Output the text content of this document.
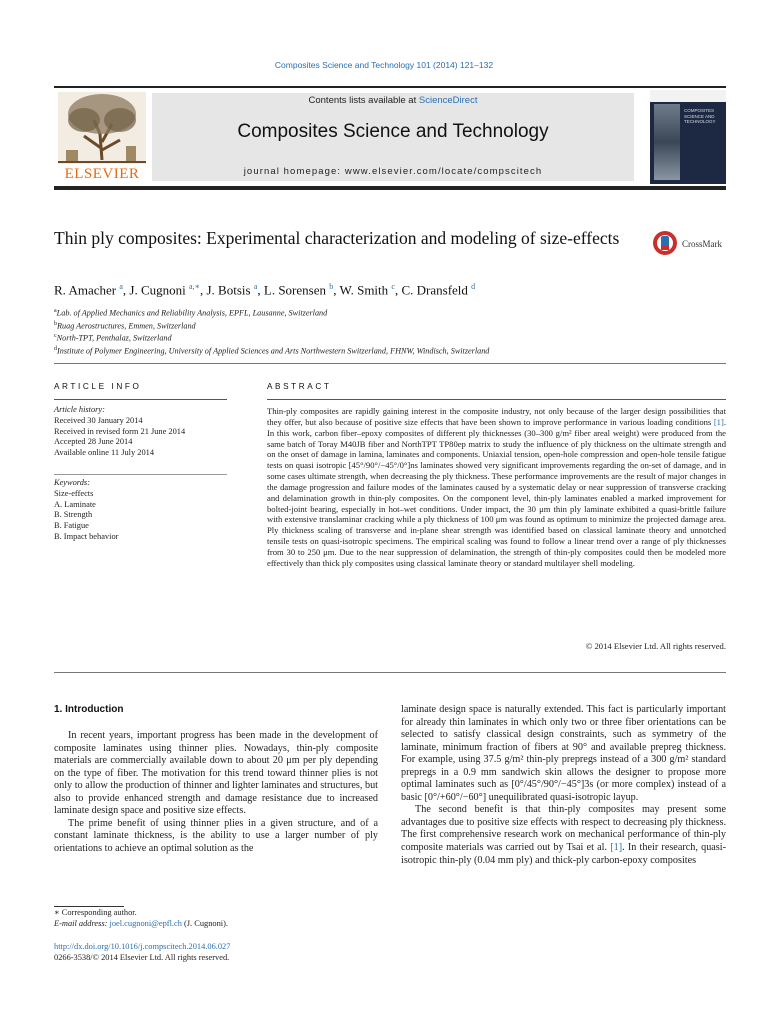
Composites Science and Technology 101 (2014) 121–132
ELSEVIER
Contents lists available at ScienceDirect
Composites Science and Technology
journal homepage: www.elsevier.com/locate/compscitech
COMPOSITES SCIENCE AND TECHNOLOGY
Thin ply composites: Experimental characterization and modeling of size-effects	CrossMark
R. Amacher $^a$, J. Cugnoni $^{a,∗}$, J. Botsis $^a$, L. Sorensen $^b$, W. Smith $^c$, C. Dransfeld $^d$
$^a$Lab. of Applied Mechanics and Reliability Analysis, EPFL, Lausanne, Switzerland
$^b$Ruag Aerostructures, Emmen, Switzerland
$^c$North-TPT, Penthalaz, Switzerland
$^d$Institute of Polymer Engineering, University of Applied Sciences and Arts Northwestern Switzerland, FHNW, Windisch, Switzerland
ARTICLE INFO
Article history:
Received 30 January 2014
Received in revised form 21 June 2014
Accepted 28 June 2014
Available online 11 July 2014
Keywords:
Size-effects
A. Laminate
B. Strength
B. Fatigue
B. Impact behavior
ABSTRACT
Thin-ply composites are rapidly gaining interest in the composite industry, not only because of the larger design possibilities that they offer, but also because of positive size effects that have been shown to improve performance in various loading conditions [1]. In this work, carbon fiber–epoxy composites of different ply thicknesses (30–300 g/m² fiber areal weight) were produced from the same batch of Toray M40JB fiber and NorthTPT TP80ep matrix to study the influence of ply thickness on the ultimate strength and on the onset of damage in lamina, laminates and components. Uniaxial tension, open-hole compression and open-hole tensile fatigue tests on quasi isotropic [45°/90°/−45°/0°]ns laminates showed very significant improvements regarding the on-set of damage, and in some cases ultimate strength, when decreasing the ply thickness. These performance improvements are the result of major changes in the damage progression and failure modes of the laminates caused by a systematic delay or near suppression of transverse cracking and delamination growth in thin-ply composites. On the component level, thin-ply laminates enabled a marked improvement for bolted-joint bearing, especially in hot–wet conditions. Under impact, the 30 μm thin ply laminate exhibited a quasi-brittle failure with extensive translaminar cracking while a ply thickness of 100 μm was found as optimum to minimize the projected damage area. Ply thickness scaling of transverse and in-plane shear strength was identified based on classical laminate theory and unnotched tensile tests on quasi-isotropic specimens. The empirical scaling was found to follow a linear trend over a range of ply thicknesses from 30 to 250 μm. Due to the near suppression of delamination, the strength of thin-ply composites could then be modeled more effectively than thick ply composites using classical laminate theory or standard multilayer shell modeling.
© 2014 Elsevier Ltd. All rights reserved.
1. Introduction

In recent years, important progress has been made in the development of composite laminates using thinner plies. Nowadays, thin-ply composite materials are commercially available down to about 20 μm per ply depending on the type of fiber. The motivation for this trend toward thinner plies is not only to allow the production of thinner and lighter laminates and structures, but also to provide enhanced strength and damage resistance due to increased laminate design space and positive size effects.

The prime benefit of using thinner plies in a given structure, and of a constant laminate thickness, is the ability to use a larger number of ply orientations to achieve an optimal solution as the

laminate design space is naturally extended. This fact is particularly important for already thin laminates in which only two or three fiber orientations can be selected to satisfy classical design constraints, such as symmetry of the laminate, minimum fraction of fibers at 90° and available prepreg thickness. For example, using 37.5 g/m² thin-ply prepregs instead of a 300 g/m² standard prepregs in a 0.9 mm sandwich skin allows the designer to propose more optimal laminates such as [0°/45°/90°/−45°]3s (or more complex) instead of a basic [0°/+60°/−60°] unequilibrated quasi-isotropic layup.

The second benefit is that thin-ply composites may present some advantages due to positive size effects with respect to decreasing ply thickness. The first comprehensive research work on mechanical performance of thin-ply composite materials was carried out by Tsai et al. [1]. In their research, quasi-isotropic thin-ply (0.04 mm ply) and thick-ply carbon-epoxy composites

∗ Corresponding author.
E-mail address: joel.cugnoni@epfl.ch (J. Cugnoni).
http://dx.doi.org/10.1016/j.compscitech.2014.06.027
0266-3538/© 2014 Elsevier Ltd. All rights reserved.
